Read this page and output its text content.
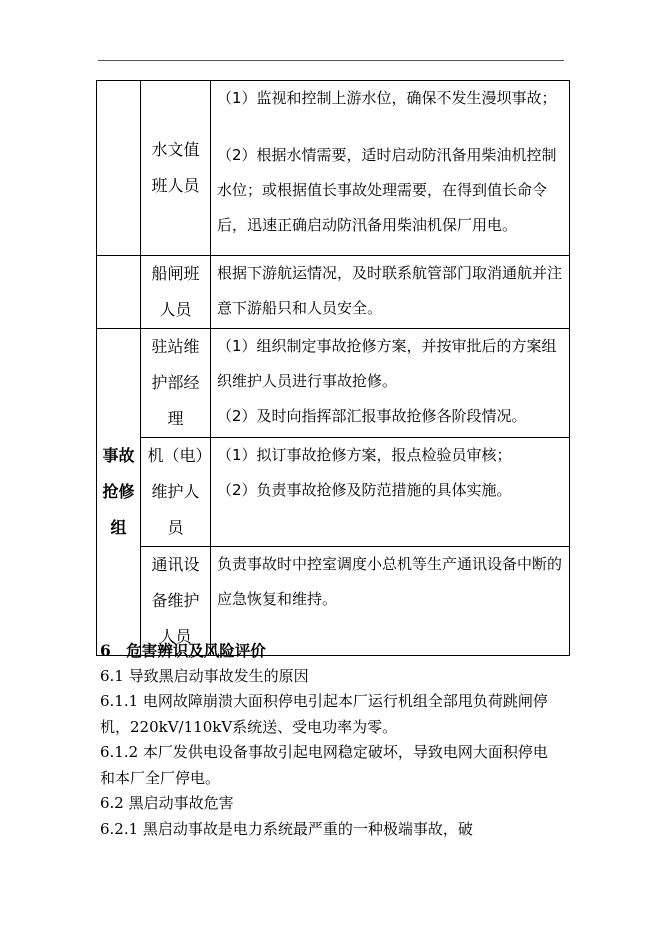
	水文值班人员	（1）监视和控制上游水位，确保不发生漫坝事故；

（2）根据水情需要，适时启动防汛备用柴油机控制水位；或根据值长事故处理需要，在得到值长命令后，迅速正确启动防汛备用柴油机保厂用电。

	船闸班人员	根据下游航运情况，及时联系航管部门取消通航并注意下游船只和人员安全。

事故抢修组	驻站维护部经理	（1）组织制定事故抢修方案，并按审批后的方案组织维护人员进行事故抢修。

（2）及时向指挥部汇报事故抢修各阶段情况。

	机（电）维护人员	（1）拟订事故抢修方案，报点检验员审核；

（2）负责事故抢修及防范措施的具体实施。

	通讯设备维护人员	负责事故时中控室调度小总机等生产通讯设备中断的应急恢复和维持。

6　危害辨识及风险评价

6.1 导致黑启动事故发生的原因

6.1.1 电网故障崩溃大面积停电引起本厂运行机组全部甩负荷跳闸停机，220kV/110kV系统送、受电功率为零。

6.1.2 本厂发供电设备事故引起电网稳定破坏，导致电网大面积停电和本厂全厂停电。

6.2 黑启动事故危害

6.2.1 黑启动事故是电力系统最严重的一种极端事故，破
